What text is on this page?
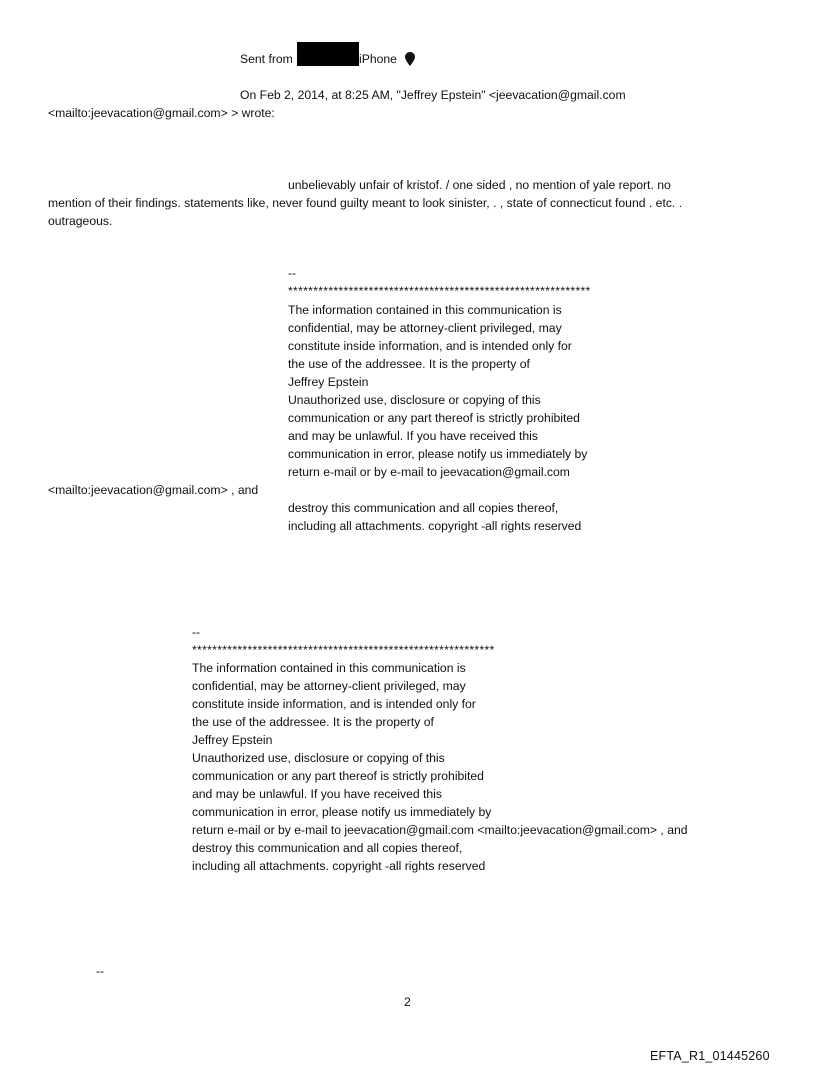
Sent from	iPhone
On Feb 2, 2014, at 8:25 AM, "Jeffrey Epstein" <jeevacation@gmail.com
<mailto:jeevacation@gmail.com> > wrote:
unbelievably unfair of kristof. / one sided , no mention of yale report. no
mention of their findings. statements like, never found guilty meant to look sinister, . , state of connecticut found . etc. .
outrageous.
--
************************************************************
The information contained in this communication is
confidential, may be attorney-client privileged, may
constitute inside information, and is intended only for
the use of the addressee. It is the property of
Jeffrey Epstein
Unauthorized use, disclosure or copying of this
communication or any part thereof is strictly prohibited
and may be unlawful. If you have received this
communication in error, please notify us immediately by
return e-mail or by e-mail to jeevacation@gmail.com
<mailto:jeevacation@gmail.com> , and
destroy this communication and all copies thereof,
including all attachments. copyright -all rights reserved
--
************************************************************
The information contained in this communication is
confidential, may be attorney-client privileged, may
constitute inside information, and is intended only for
the use of the addressee. It is the property of
Jeffrey Epstein
Unauthorized use, disclosure or copying of this
communication or any part thereof is strictly prohibited
and may be unlawful. If you have received this
communication in error, please notify us immediately by
return e-mail or by e-mail to jeevacation@gmail.com <mailto:jeevacation@gmail.com> , and
destroy this communication and all copies thereof,
including all attachments. copyright -all rights reserved
--
2
EFTA_R1_01445260
